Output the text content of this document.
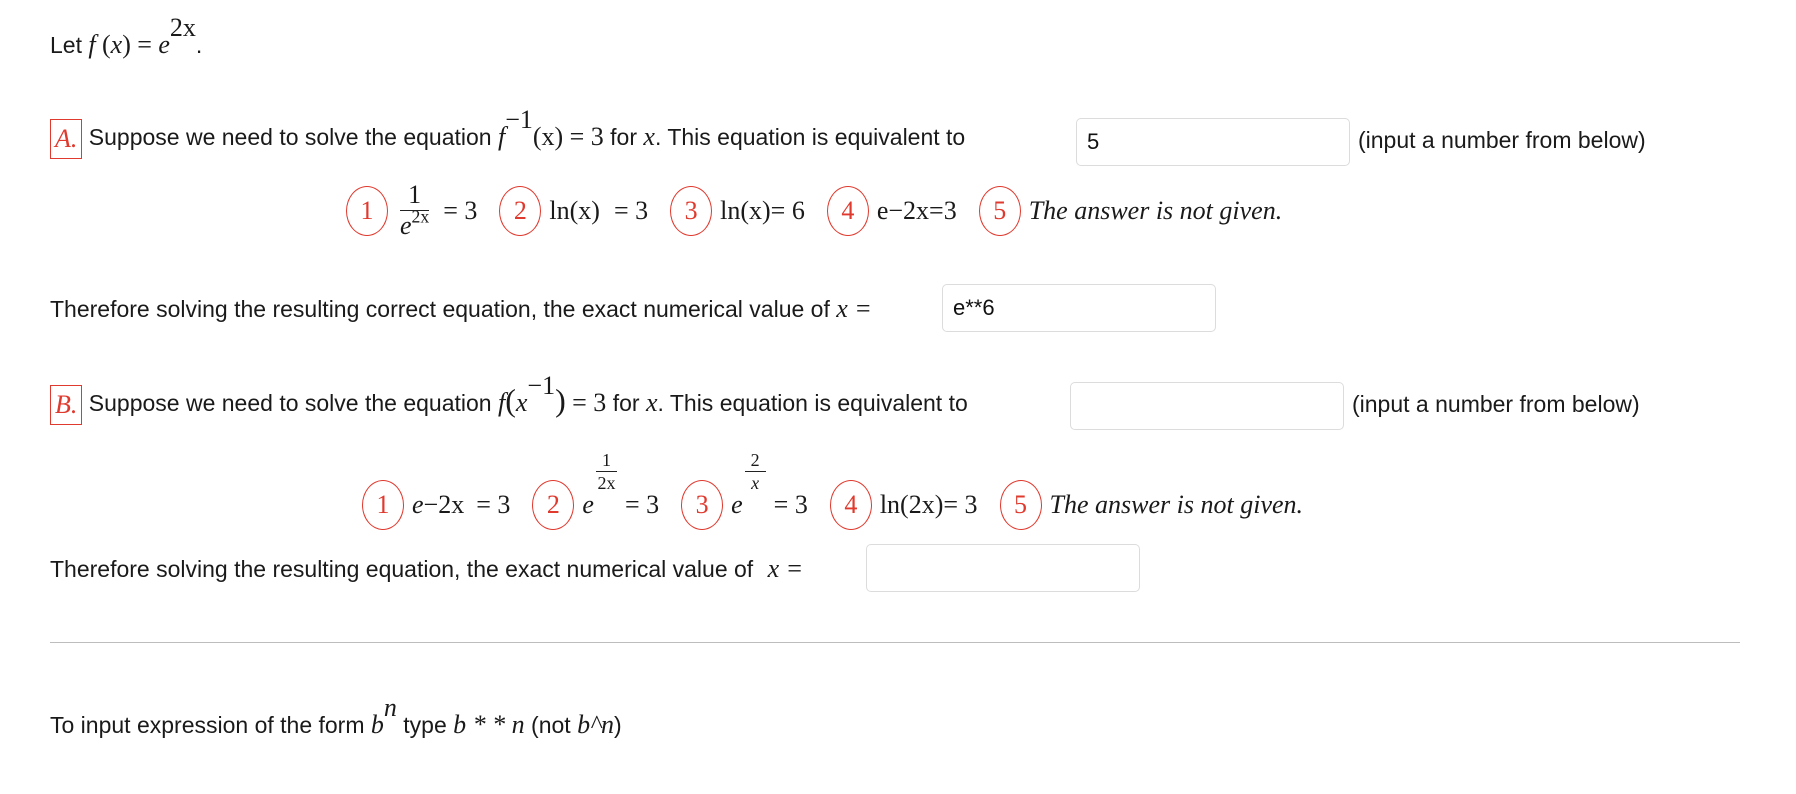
Let f $(x) = e^{2x}$.
A. Suppose we need to solve the equation $f^{-1}(x) = 3$ for x. This equation is equivalent to
5	(input a number from below)
1	$\frac{1}{e^{2x}} = 3$	2 ln(x) = 3	3 ln(x)= 6	4 e −2x =3	5 The answer is not given.
Therefore solving the resulting correct equation, the exact numerical value of x =
e**6
B. Suppose we need to solve the equation $f(x^{-1}) = 3$ for x. This equation is equivalent to	(input a number from below)
1 e −2x = 3	2 e
$\frac{1}{2x}$
= 3	3 e
$\frac{2}{x}$
= 3	4 ln(2x)= 3	5 The answer is not given.
Therefore solving the resulting equation, the exact numerical value of x =
To input expression of the form $b^n$ type b * * n (not b^n)
